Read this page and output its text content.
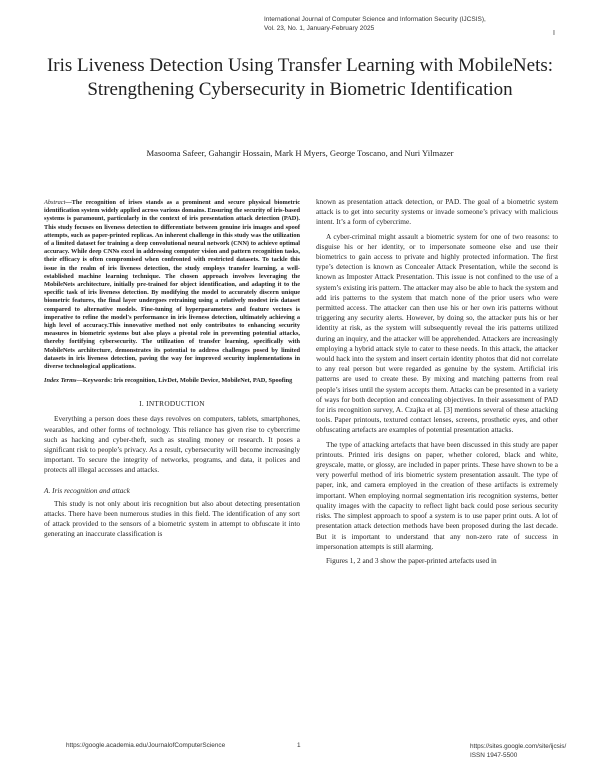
International Journal of Computer Science and Information Security (IJCSIS),
Vol. 23, No. 1, January-February 2025
I
Iris Liveness Detection Using Transfer Learning with MobileNets: Strengthening Cybersecurity in Biometric Identification
Masooma Safeer, Gahangir Hossain, Mark H Myers, George Toscano, and Nuri Yilmazer

Abstract—The recognition of irises stands as a prominent and secure physical biometric identification system widely applied across various domains. Ensuring the security of iris-based systems is paramount, particularly in the context of iris presentation attack detection (PAD). This study focuses on liveness detection to differentiate between genuine iris images and spoof attempts, such as paper-printed replicas. An inherent challenge in this study was the utilization of a limited dataset for training a deep convolutional neural network (CNN) to achieve optimal accuracy. While deep CNNs excel in addressing computer vision and pattern recognition tasks, their efficacy is often compromised when confronted with restricted datasets. To tackle this issue in the realm of iris liveness detection, the study employs transfer learning, a well-established machine learning technique. The chosen approach involves leveraging the MobileNets architecture, initially pre-trained for object identification, and adapting it to the specific task of iris liveness detection. By modifying the model to accurately discern unique biometric features, the final layer undergoes retraining using a relatively modest iris dataset compared to alternative models. Fine-tuning of hyperparameters and feature vectors is imperative to refine the model's performance in iris liveness detection, ultimately achieving a high level of accuracy.This innovative method not only contributes to enhancing security measures in biometric systems but also plays a pivotal role in preventing potential attacks, thereby fortifying cybersecurity. The utilization of transfer learning, specifically with MobileNets architecture, demonstrates its potential to address challenges posed by limited datasets in iris liveness detection, paving the way for improved security implementations in diverse technological applications.

Index Terms—Keywords: Iris recognition, LivDet, Mobile Device, MobileNet, PAD, Spoofing

I. INTRODUCTION

Everything a person does these days revolves on computers, tablets, smartphones, wearables, and other forms of technology. This reliance has given rise to cybercrime such as hacking and cyber-theft, such as stealing money or research. It poses a significant risk to people’s privacy. As a result, cybersecurity will become increasingly important. To secure the integrity of networks, programs, and data, it polices and protects all illegal accesses and attacks.

A. Iris recognition and attack

This study is not only about iris recognition but also about detecting presentation attacks. There have been numerous studies in this field. The identification of any sort of attack provided to the sensors of a biometric system in attempt to obfuscate it into generating an inaccurate classification is

known as presentation attack detection, or PAD. The goal of a biometric system attack is to get into security systems or invade someone’s privacy with malicious intent. It’s a form of cybercrime.

A cyber-criminal might assault a biometric system for one of two reasons: to disguise his or her identity, or to impersonate someone else and use their biometrics to gain access to private and highly protected information. The first type’s detection is known as Concealer Attack Presentation, while the second is known as Imposter Attack Presentation. This issue is not confined to the use of a system’s existing iris pattern. The attacker may also be able to hack the system and add iris patterns to the system that match none of the prior users who were permitted access. The attacker can then use his or her own iris patterns without triggering any security alerts. However, by doing so, the attacker puts his or her identity at risk, as the system will subsequently reveal the iris patterns utilized during an inquiry, and the attacker will be apprehended. Attackers are increasingly employing a hybrid attack style to cater to these needs. In this attack, the attacker would hack into the system and insert certain identity photos that did not correlate to any real person but were regarded as genuine by the system. Artificial iris patterns are used to create these. By mixing and matching patterns from real people’s irises until the system accepts them. Attacks can be presented in a variety of ways for both deception and concealing objectives. In their assessment of PAD for iris recognition survey, A. Czajka et al. [3] mentions several of these attacking tools. Paper printouts, textured contact lenses, screens, prosthetic eyes, and other obfuscating artefacts are examples of potential presentation attacks.

The type of attacking artefacts that have been discussed in this study are paper printouts. Printed iris designs on paper, whether colored, black and white, greyscale, matte, or glossy, are included in paper prints. These have shown to be a very powerful method of iris biometric system presentation assault. The type of paper, ink, and camera employed in the creation of these artifacts is extremely important. When employing normal segmentation iris recognition systems, better quality images with the capacity to reflect light back could pose serious security risks. The simplest approach to spoof a system is to use paper print outs. A lot of presentation attack detection methods have been proposed during the last decade. But it is important to understand that any non-zero rate of success in impersonation attempts is still alarming.

Figures 1, 2 and 3 show the paper-printed artefacts used in

https://google.academia.edu/JournalofComputerScience	1	https://sites.google.com/site/ijcsis/
ISSN 1947-5500
